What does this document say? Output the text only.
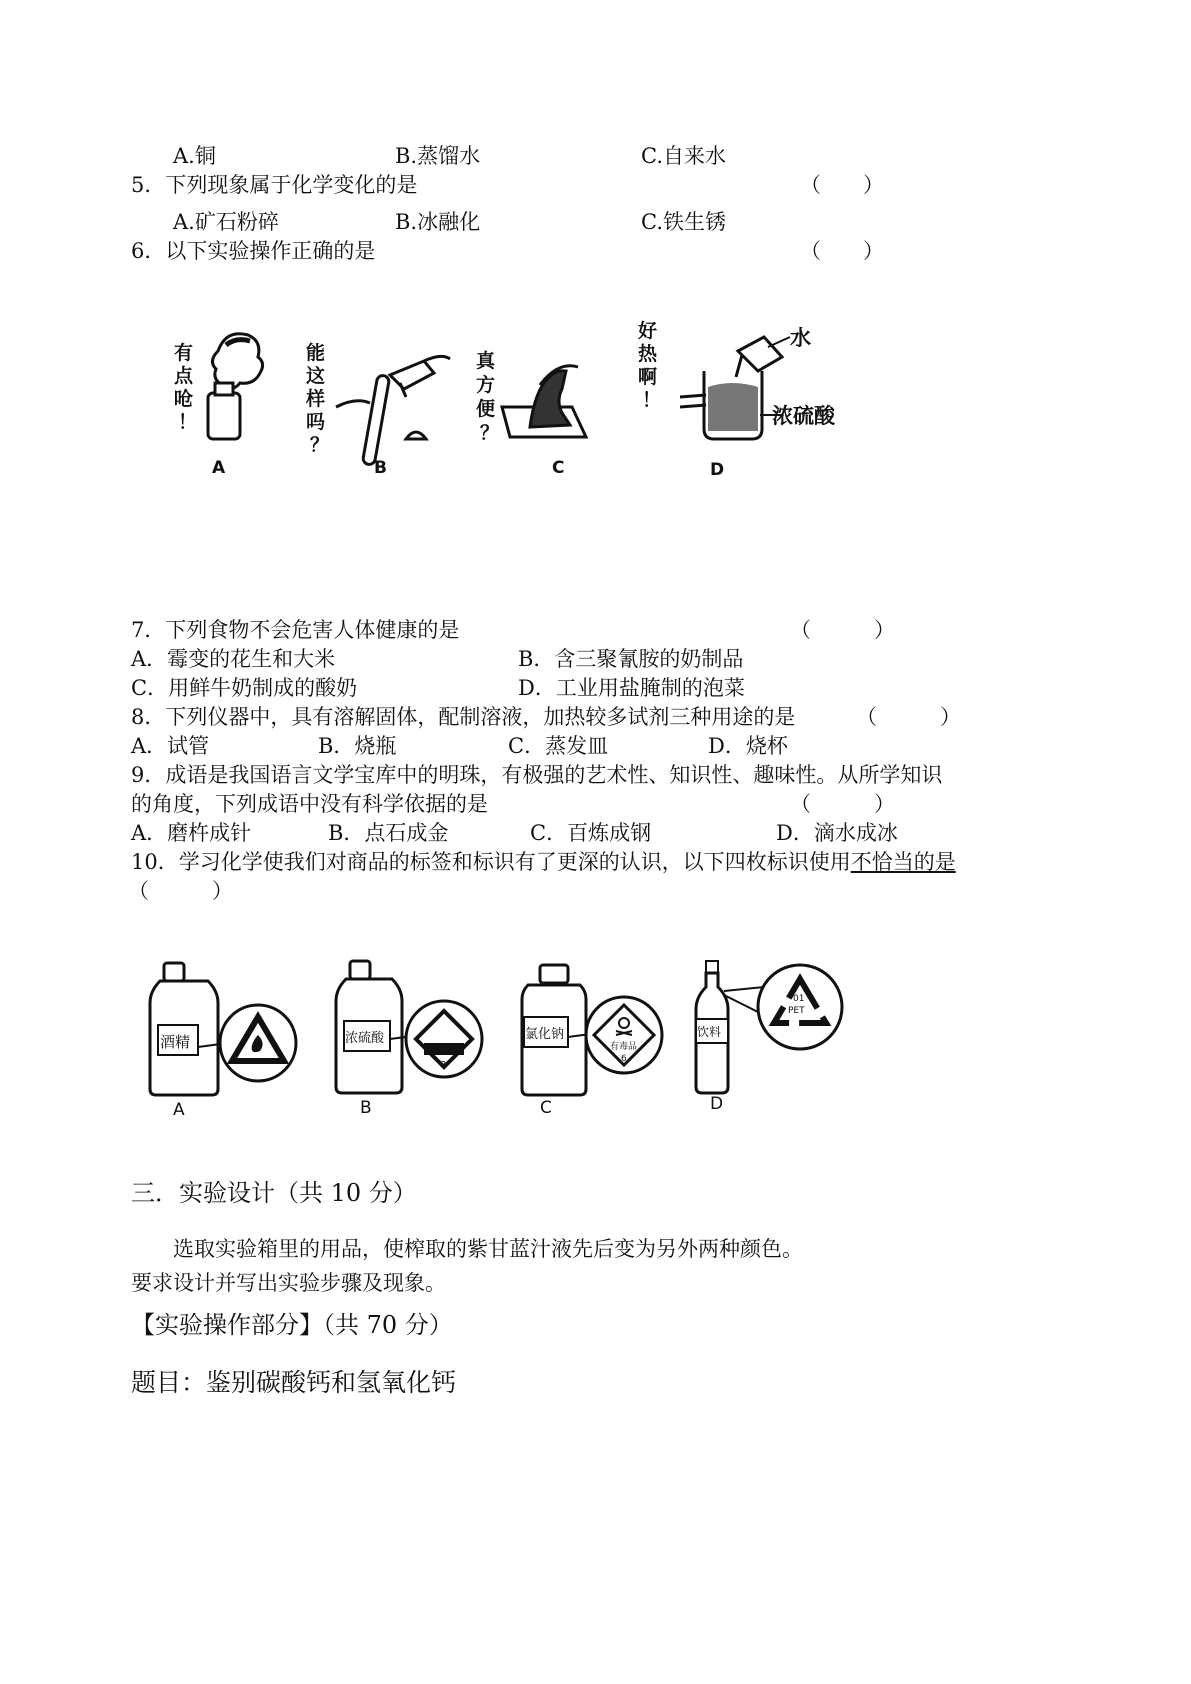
A.铜	B.蒸馏水	C.自来水
5．下列现象属于化学变化的是	（　　）
A.矿石粉碎	B.冰融化	C.铁生锈
6．以下实验操作正确的是	（　　）
有
点
呛
！
A
能
这
样
吗
？
B
真
方
便
？
C
好
热
啊
！
水
浓硫酸
D
7．下列食物不会危害人体健康的是	（　　　）
A．霉变的花生和大米	B．含三聚氰胺的奶制品
C．用鲜牛奶制成的酸奶	D．工业用盐腌制的泡菜
8．下列仪器中，具有溶解固体，配制溶液，加热较多试剂三种用途的是	（　　　）
A．试管	B．烧瓶	C．蒸发皿	D．烧杯
9．成语是我国语言文学宝库中的明珠，有极强的艺术性、知识性、趣味性。从所学知识
的角度，下列成语中没有科学依据的是	（　　　）
A．磨杵成针	B．点石成金	C．百炼成钢	D．滴水成冰
10．学习化学使我们对商品的标签和标识有了更深的认识，以下四枚标识使用不恰当的是
（　　　）
酒精
A
浓硫酸
8
B
氯化钠
有毒品
6
C
饮料
01
PET
D
三．实验设计（共 10 分）
选取实验箱里的用品，使榨取的紫甘蓝汁液先后变为另外两种颜色。
要求设计并写出实验步骤及现象。
【实验操作部分】（共 70 分）
题目：鉴别碳酸钙和氢氧化钙
